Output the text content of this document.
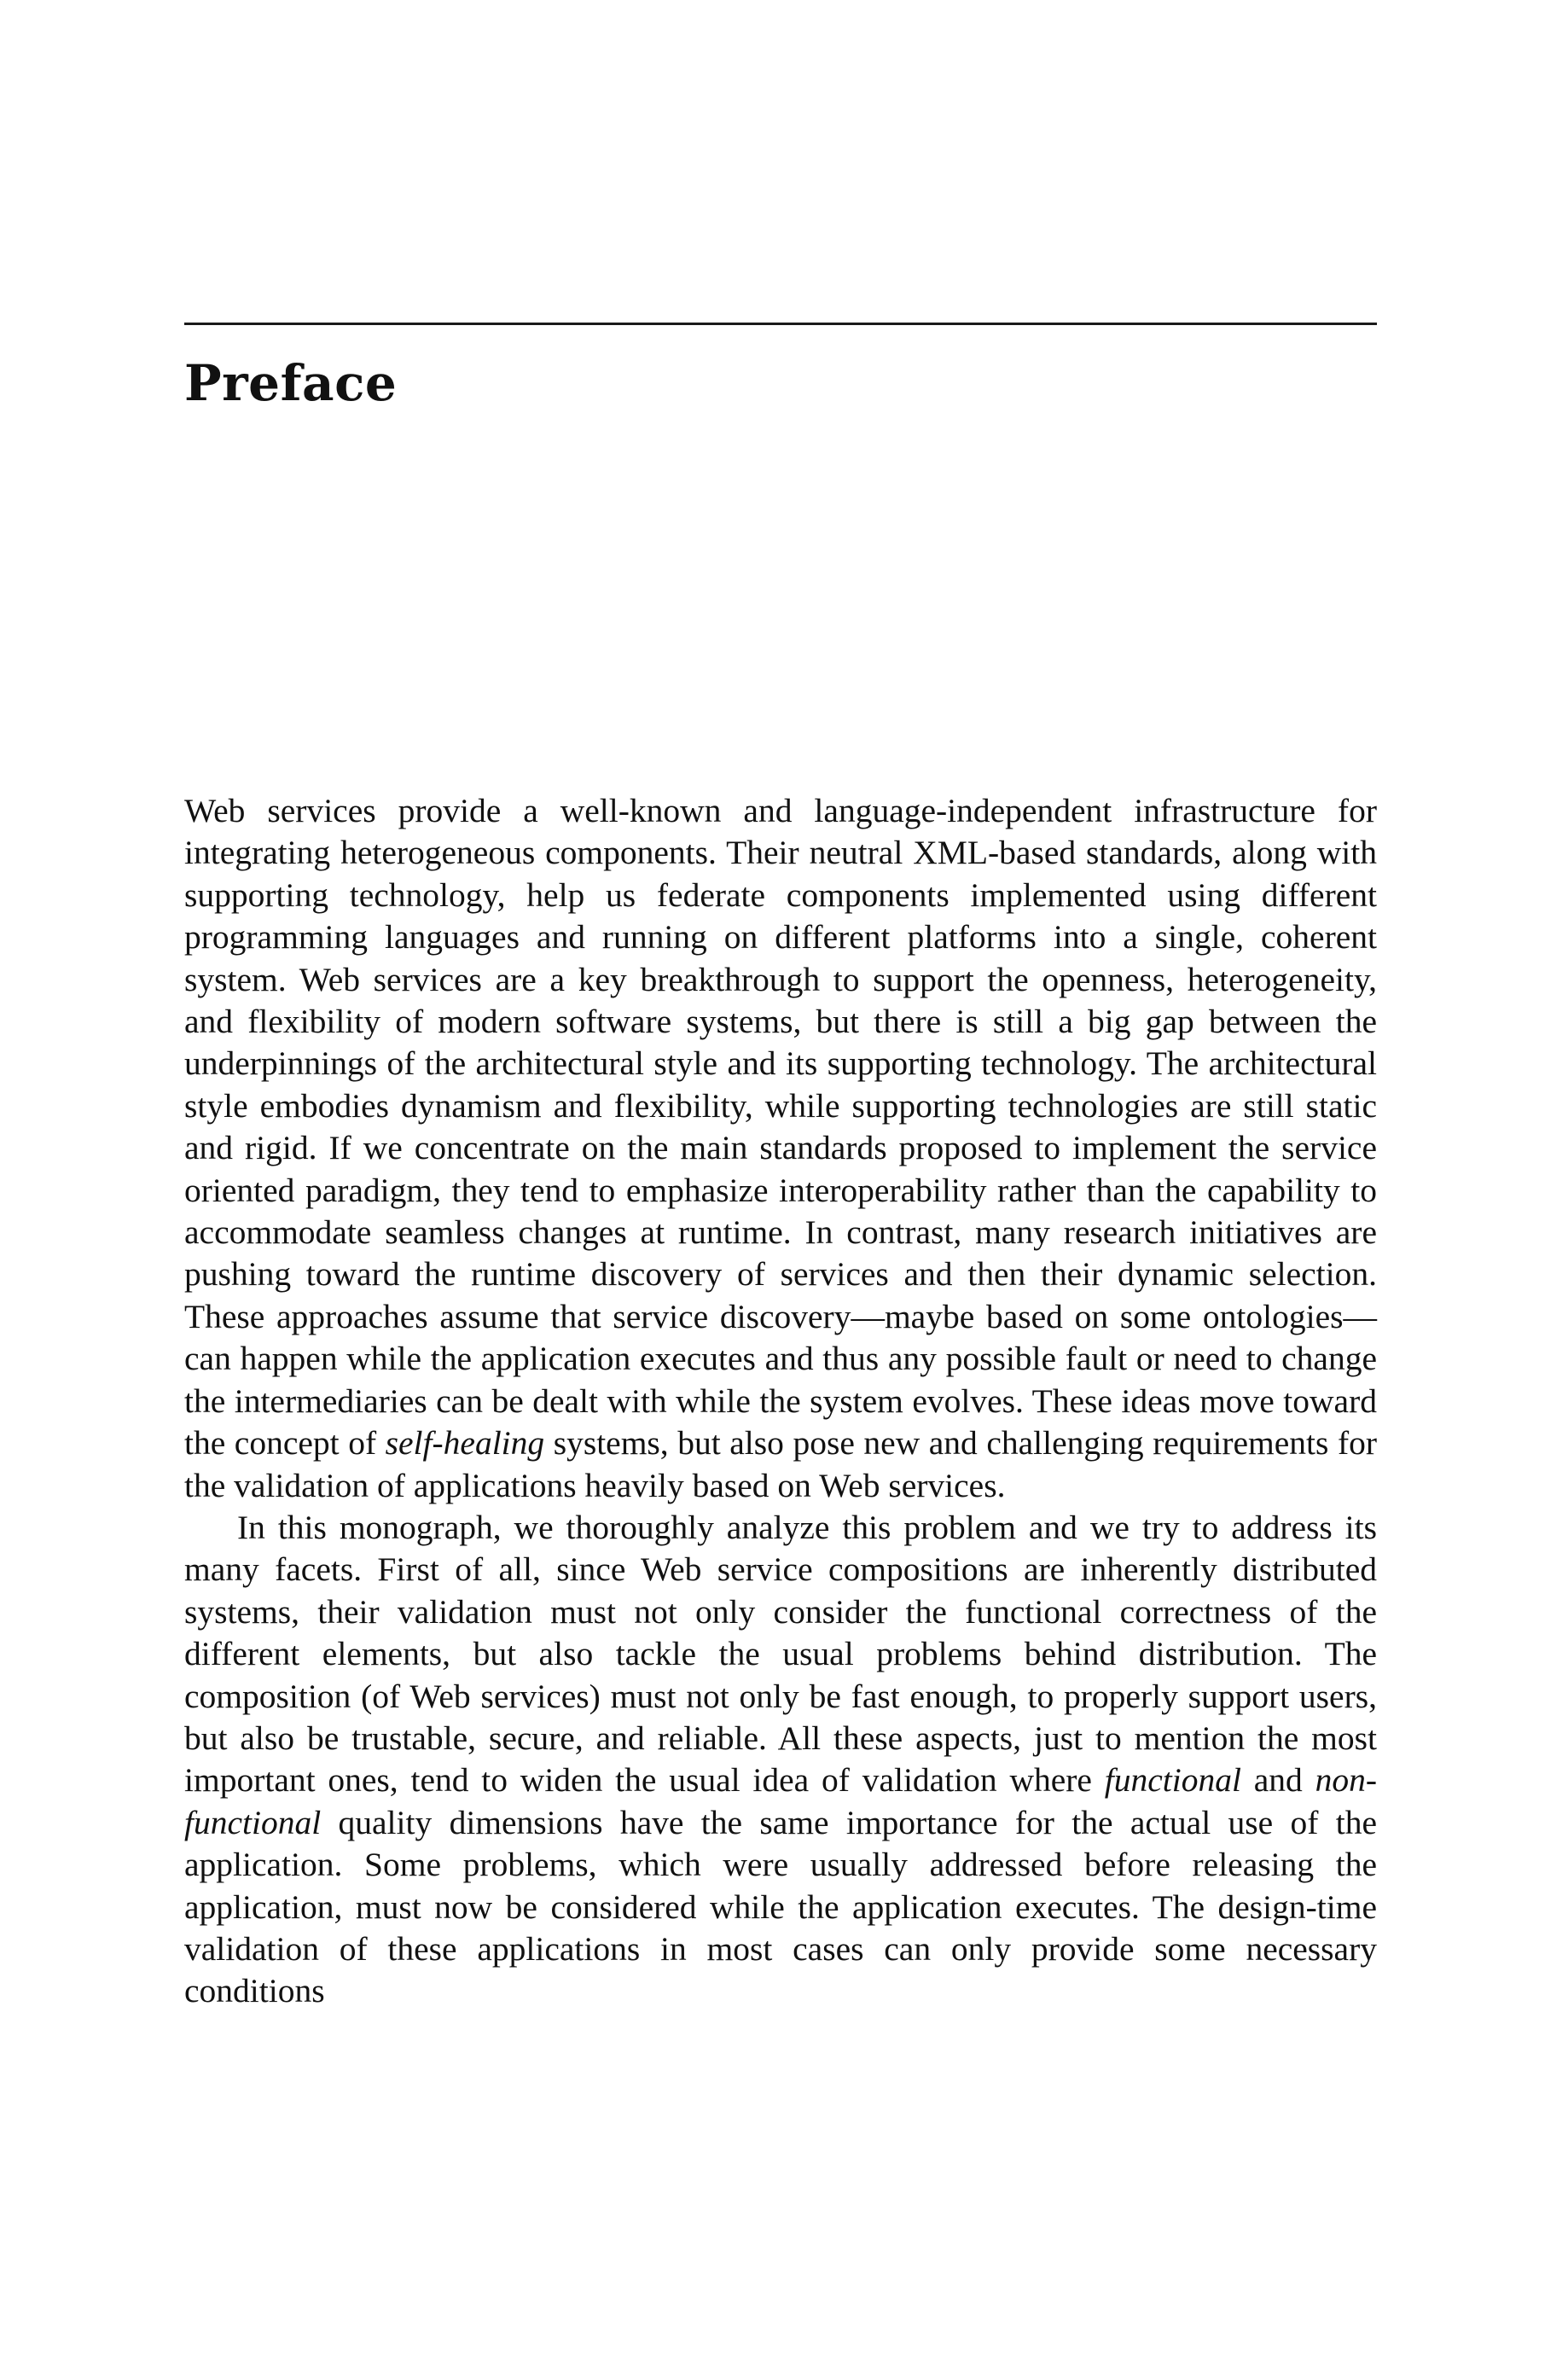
Preface

Web services provide a well-known and language-independent infrastructure for integrating heterogeneous components. Their neutral XML-based standards, along with supporting technology, help us federate components implemented using different programming languages and running on different platforms into a single, coherent system. Web services are a key breakthrough to support the openness, heterogeneity, and flexibility of modern software systems, but there is still a big gap between the underpinnings of the architectural style and its supporting technology. The architectural style embodies dynamism and flexibility, while supporting technologies are still static and rigid. If we concentrate on the main standards proposed to implement the service oriented paradigm, they tend to emphasize interoperability rather than the capability to accommodate seamless changes at runtime. In contrast, many research initiatives are pushing toward the runtime discovery of services and then their dynamic selection. These approaches assume that service discovery—maybe based on some ontologies—can happen while the application executes and thus any possible fault or need to change the intermediaries can be dealt with while the system evolves. These ideas move toward the concept of self-healing systems, but also pose new and challenging requirements for the validation of applications heavily based on Web services.

In this monograph, we thoroughly analyze this problem and we try to address its many facets. First of all, since Web service compositions are inherently distributed systems, their validation must not only consider the functional correctness of the different elements, but also tackle the usual problems behind distribution. The composition (of Web services) must not only be fast enough, to properly support users, but also be trustable, secure, and reliable. All these aspects, just to mention the most important ones, tend to widen the usual idea of validation where functional and non-functional quality dimensions have the same importance for the actual use of the application. Some problems, which were usually addressed before releasing the application, must now be considered while the application executes. The design-time validation of these applications in most cases can only provide some necessary conditions
